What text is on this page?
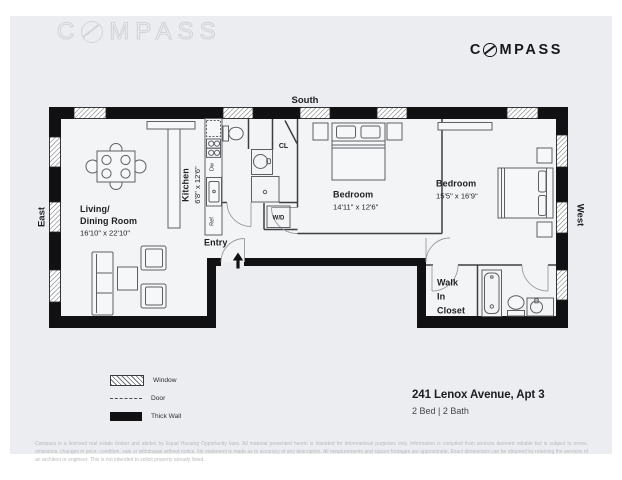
C MPASS
C MPASS
South
East	West
Living/
Dining Room
16'10" x 22'10"
Kitchen 6'8" x 12'6" Dw
Ref
Bedroom
14'11" x 12'6"
Bedroom
15'5" x 16'9"
Walk
In
Closet
Entry
CL
W/D
Window
Door
Thick Wall
241 Lenox Avenue, Apt 3
2 Bed | 2 Bath
Compass is a licensed real estate broker and abides by Equal Housing Opportunity laws. All material presented herein is intended for informational purposes only. Information is compiled from sources deemed reliable but is subject to errors, omissions, changes in price, condition, sale or withdrawal without notice. No statement is made as to accuracy of any description. All measurements and square footages are approximate. Exact dimensions can be obtained by retaining the services of an architect or engineer. This is not intended to solicit property already listed.
